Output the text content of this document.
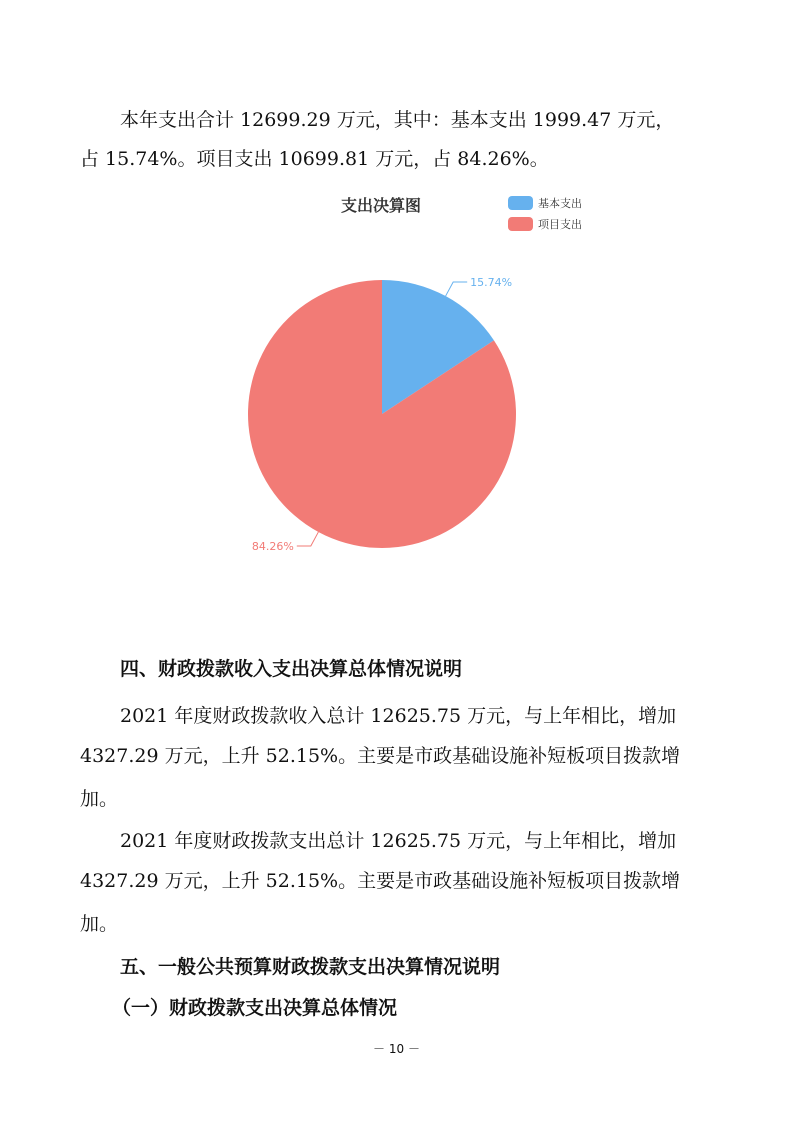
本年支出合计 12699.29 万元，其中：基本支出 1999.47 万元，
占 15.74%。项目支出 10699.81 万元，占 84.26%。
支出决算图	基本支出
项目支出
15.74%
84.26%
四、财政拨款收入支出决算总体情况说明
2021 年度财政拨款收入总计 12625.75 万元，与上年相比，增加
4327.29 万元，上升 52.15%。主要是市政基础设施补短板项目拨款增
加。
2021 年度财政拨款支出总计 12625.75 万元，与上年相比，增加
4327.29 万元，上升 52.15%。主要是市政基础设施补短板项目拨款增
加。
五、一般公共预算财政拨款支出决算情况说明
（一）财政拨款支出决算总体情况
－ 10 －
